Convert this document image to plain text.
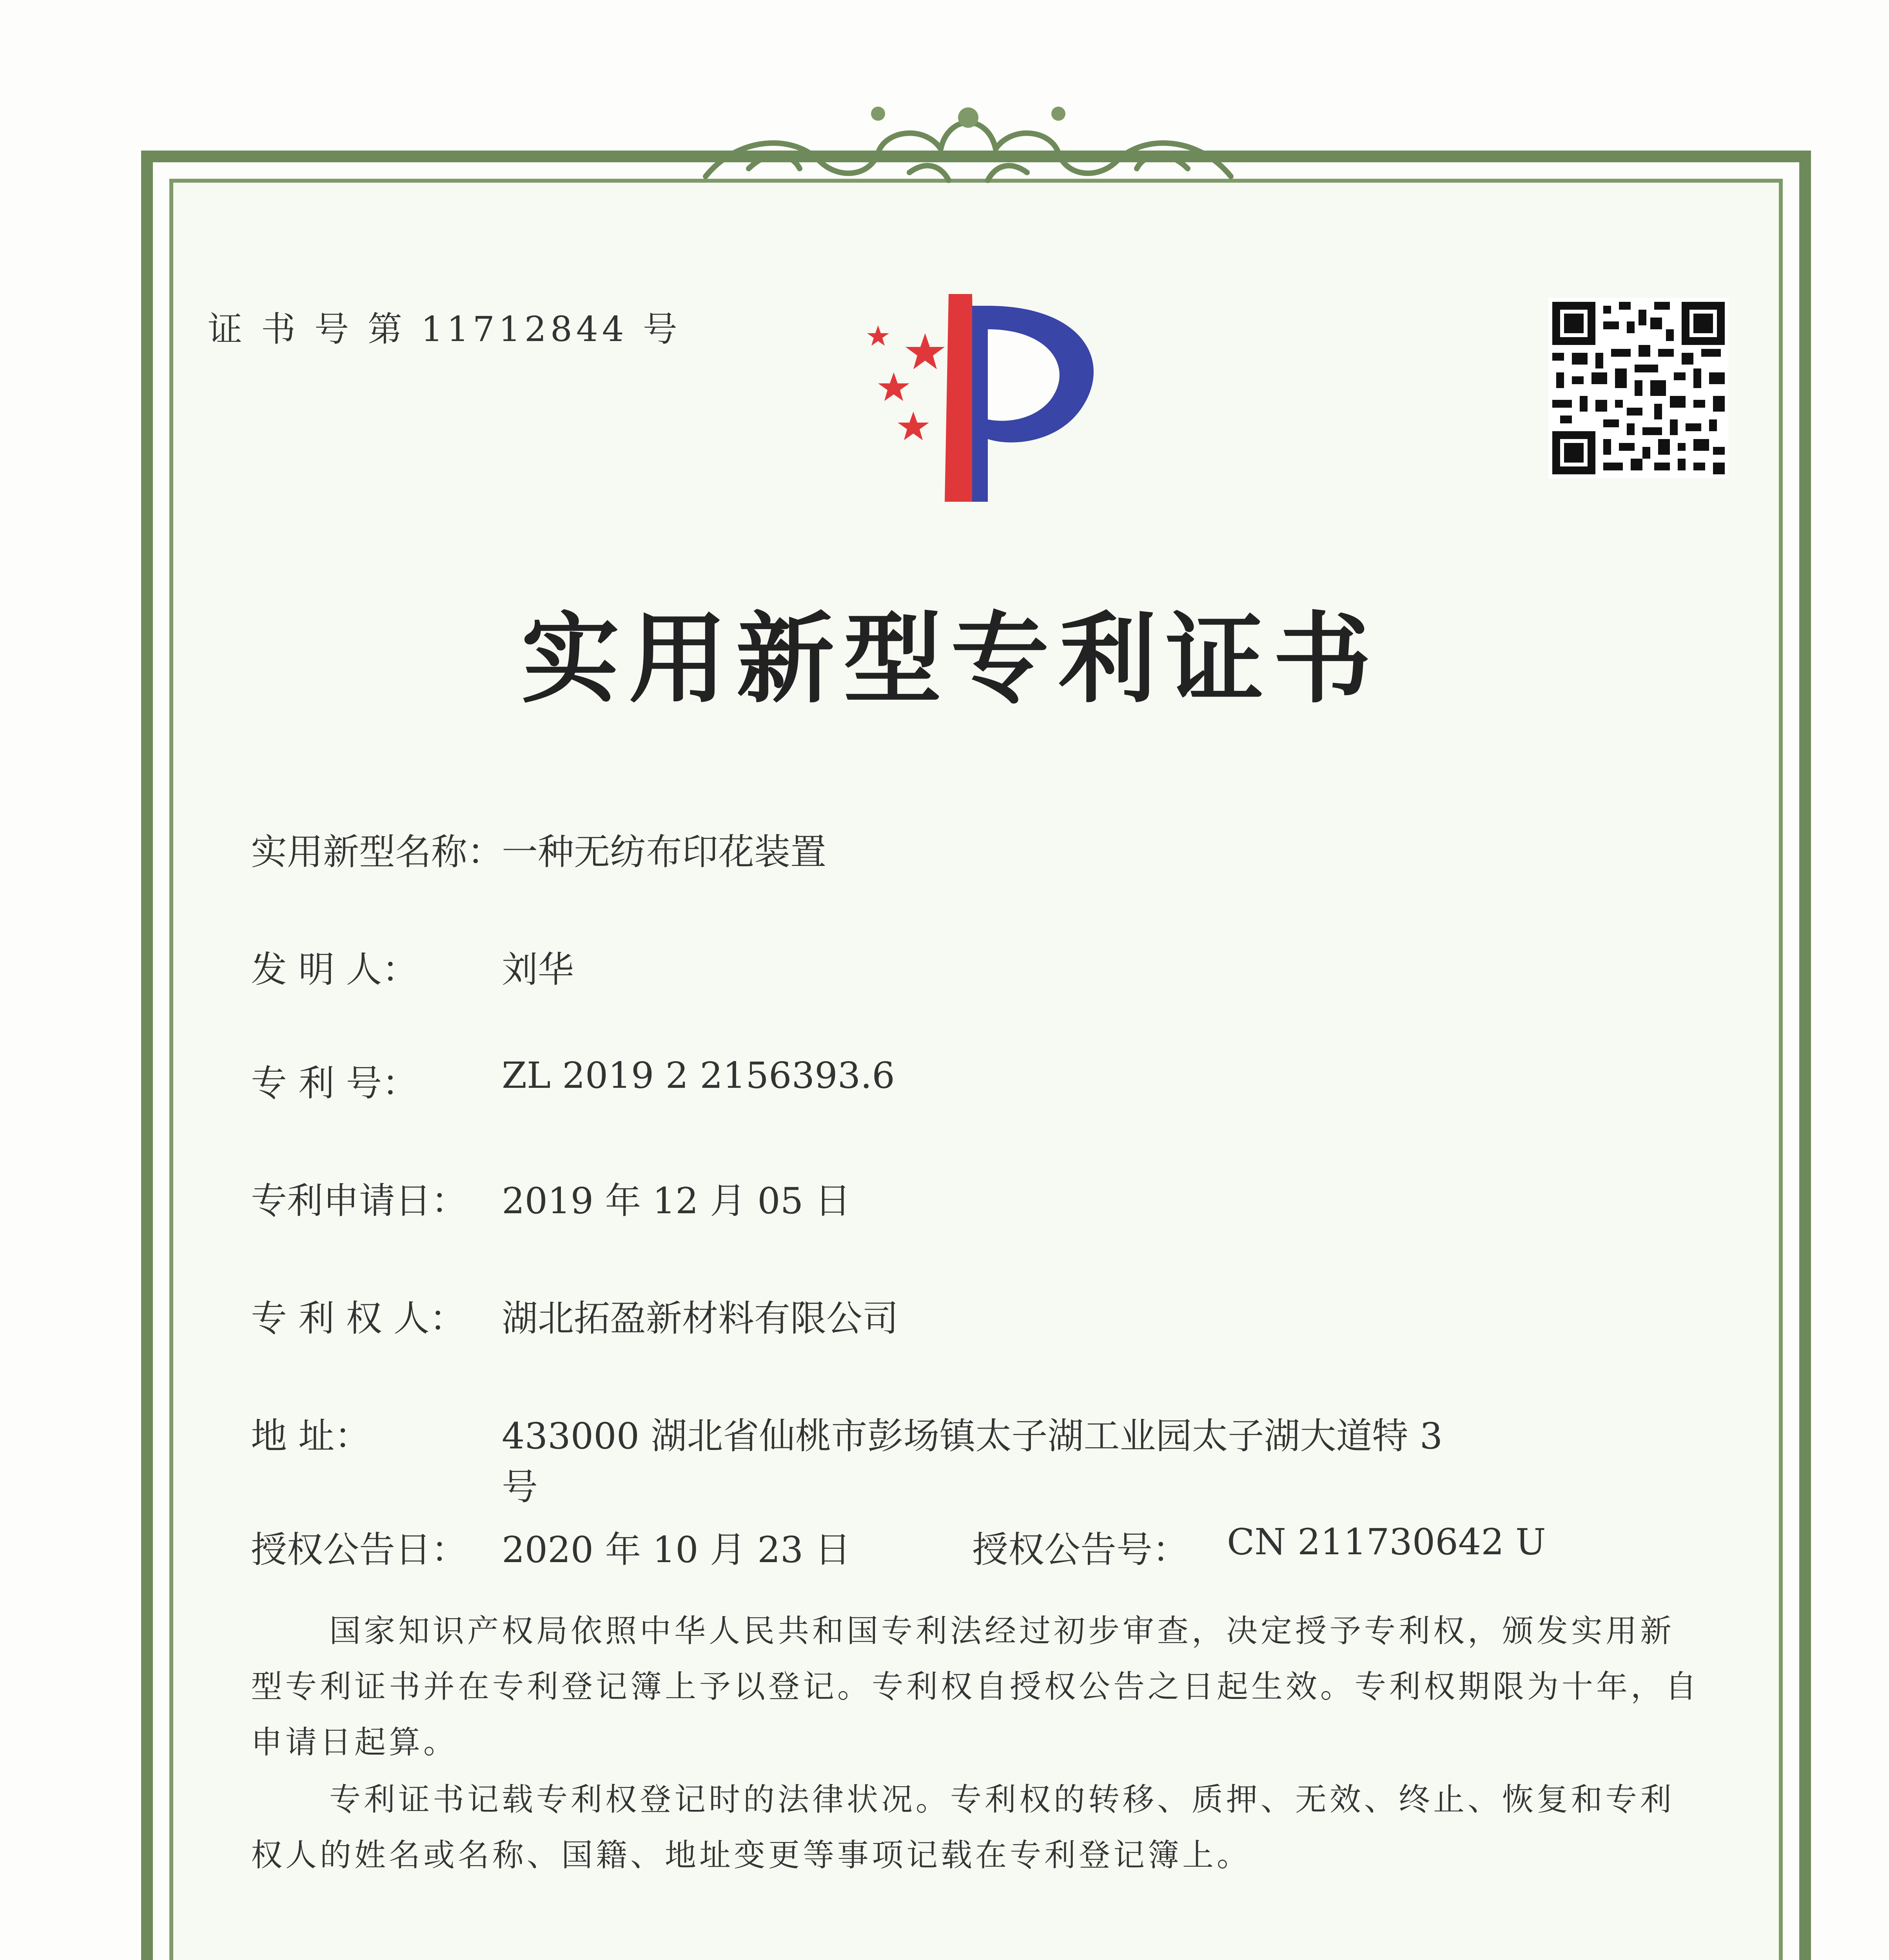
证 书 号 第 11712844 号
实用新型专利证书
实用新型名称：
一种无纺布印花装置
发 明 人： 刘华
专 利 号： ZL 2019 2 2156393.6
专利申请日： 2019 年 12 月 05 日
专 利 权 人： 湖北拓盈新材料有限公司
地 址：	433000 湖北省仙桃市彭场镇太子湖工业园太子湖大道特 3
号
授权公告日： 2020 年 10 月 23 日	授权公告号： CN 211730642 U
国家知识产权局依照中华人民共和国专利法经过初步审查，决定授予专利权，颁发实用新型专利证书并在专利登记簿上予以登记。专利权自授权公告之日起生效。专利权期限为十年，自申请日起算。
专利证书记载专利权登记时的法律状况。专利权的转移、质押、无效、终止、恢复和专利权人的姓名或名称、国籍、地址变更等事项记载在专利登记簿上。
